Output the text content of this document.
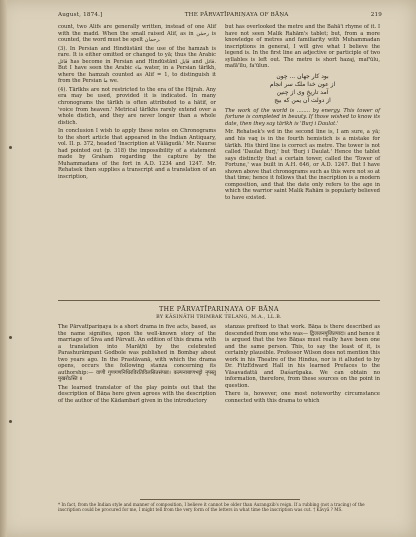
August, 1874.]	THE PĀRVATĪPARIṆAYA OF BĀṆA	219

count, two Alifs are generally written, instead of one Alif with the madd. When the small raised Alif, as in رحمٰن is counted, the word must be spelt رحمان.

(3). In Persian and Hindūstānī the use of the hamzah is rare. It is either omitted or changed to yā; thus the Arabic قائل has become in Persian and Hindūstānī قایل and قائل. But I have seen the Arabic ماء water, in a Persian tārīkh, where the hamzah counted as Alif = 1, to distinguish it from the Persian ما we.

(4). Tārīkhs are not restricted to the era of the Hijrah. Any era may be used, provided it is indicated. In many chronograms the tārīkh is often attributed to a hātif, or 'voice from heaven.' Metrical tārīkhs rarely extend over a whole distich, and they are never longer than a whole distich.

In conclusion I wish to apply these notes on Chronograms to the short article that appeared in the Indian Antiquary, vol. II. p. 372, headed 'Inscription at Vālāgudā.' Mr. Naurse had pointed out (p. 318) the impossibility of a statement made by Graham regarding the capture by the Muhammadans of the fort in A.D. 1234 and 1247. Mr. Rehatsek then supplies a transcript and a translation of an inscription,

but has overlooked the metre and the Bahā'i rhyme of it. I have not seen Malik Rahām's tablet; but, from a more knowledge of metres and familiarity with Muhammadan inscriptions in general, I will give what I believe the legend is. In the first line an adjective or participle of two syllables is left out. The metre is short hazaj, maf'ūlu, mafā'īlu, fa'ūlun.

بود کار جهان ... چون
از عون خدا ملک سر انجام
آمد تاریخ وی از چنین
از دولت آن یمن که بیج

The work of the world is ........ by energy. This tower of fortune is completed in beauty. If those wished to know its date, then they say tārīkh is 'Burj i Daulat.'

Mr. Rehatsek's wd in the second line is, I am sure, a yā; and his vaq is in the fourth hemistich is a mistake for tārīkh. His third line is correct as metre. The tower is not called 'Daulat Burj,' but 'Burj i Daulat.' Hence the tablet says distinctly that a certain tower, called the 'Tower of Fortune,' was built in A.H. 646, or A.D. 1247. But I have shown above that chronograms such as this were not so at that time; hence it follows that the inscription is a modern composition, and that the date only refers to the age in which the warrior saint Malik Rahām is popularly believed to have existed.

THE PĀRVATĪPARIṆAYA OF BĀṆA
BY KĀSINĀTH TRIMBAK TELANG, M.A., LL.B.

The Pārvatīpariṇaya is a short drama in five acts, based, as the name signifies, upon the well-known story of the marriage of Śiva and Pārvatī. An edition of this drama with a translation into Marāṭhī by the celebrated Parashurāmpant Godbole was published in Bombay about two years ago. In the Prastāvanā, with which the drama opens, occurs the following stanza concerning its authorship:— वाणी गुणगणनिधिरविरतिविलसितसंपन्नः। कल्पनाबाणभट्टो नृपस्तु मुखरोऽस्ति ॥

The learned translator of the play points out that the description of Bāṇa here given agrees with the description of the author of the Kādambarī given in the introductory

stanzas prefixed to that work. Bāṇa is there described as descended from one who was— द्विजजनपूजितपादः। and hence it is argued that the two Bāṇas must really have been one and the same person. This, to say the least of it, is certainly plausible. Professor Wilson does not mention this work in his Theatre of the Hindus, nor is it alluded to by Dr. FitzEdward Hall in his learned Prefaces to the Vāsavadattā and Daśarūpaka. We can obtain no information, therefore, from these sources on the point in question.

There is, however, one most noteworthy circumstance connected with this drama to which

* In fact, from the Indian style and manner of composition, I believe it cannot be older than Aurangzib's reign. If a rubbing (not a tracing) of the inscription could be procured for me, I might tell from the very form of the letters in what time the inscription was cut. † Kāvyā ? MS.
